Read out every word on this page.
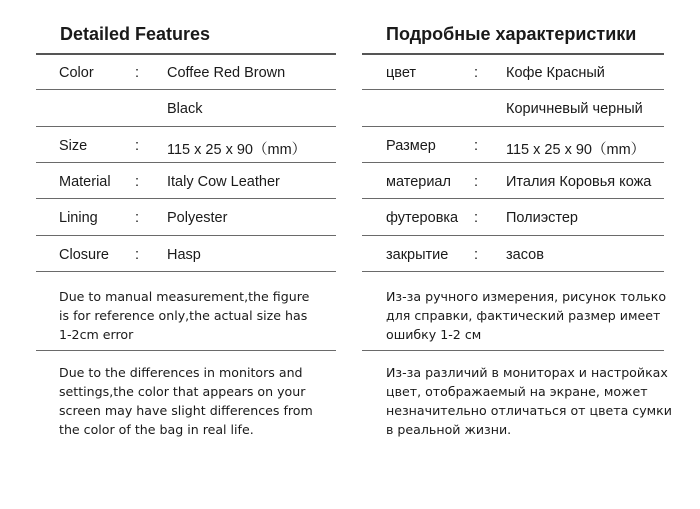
Detailed Features
Color	: Coffee Red Brown
Black
Size	: 115 x 25 x 90（mm）
Material : Italy Cow Leather
Lining	: Polyester
Closure : Hasp
Due to manual measurement,the figure
is for reference only,the actual size has
1-2cm error
Due to the differences in monitors and
settings,the color that appears on your
screen may have slight differences from
the color of the bag in real life.
Подробные характеристики
цвет	: Кофе Красный
Коричневый черный
Размер	: 115 x 25 x 90（mm）
материал : Италия Коровья кожа
футеровка : Полиэстер
закрытие : засов
Из-за ручного измерения, рисунок только
для справки, фактический размер имеет
ошибку 1-2 см
Из-за различий в мониторах и настройках
цвет, отображаемый на экране, может
незначительно отличаться от цвета сумки
в реальной жизни.
